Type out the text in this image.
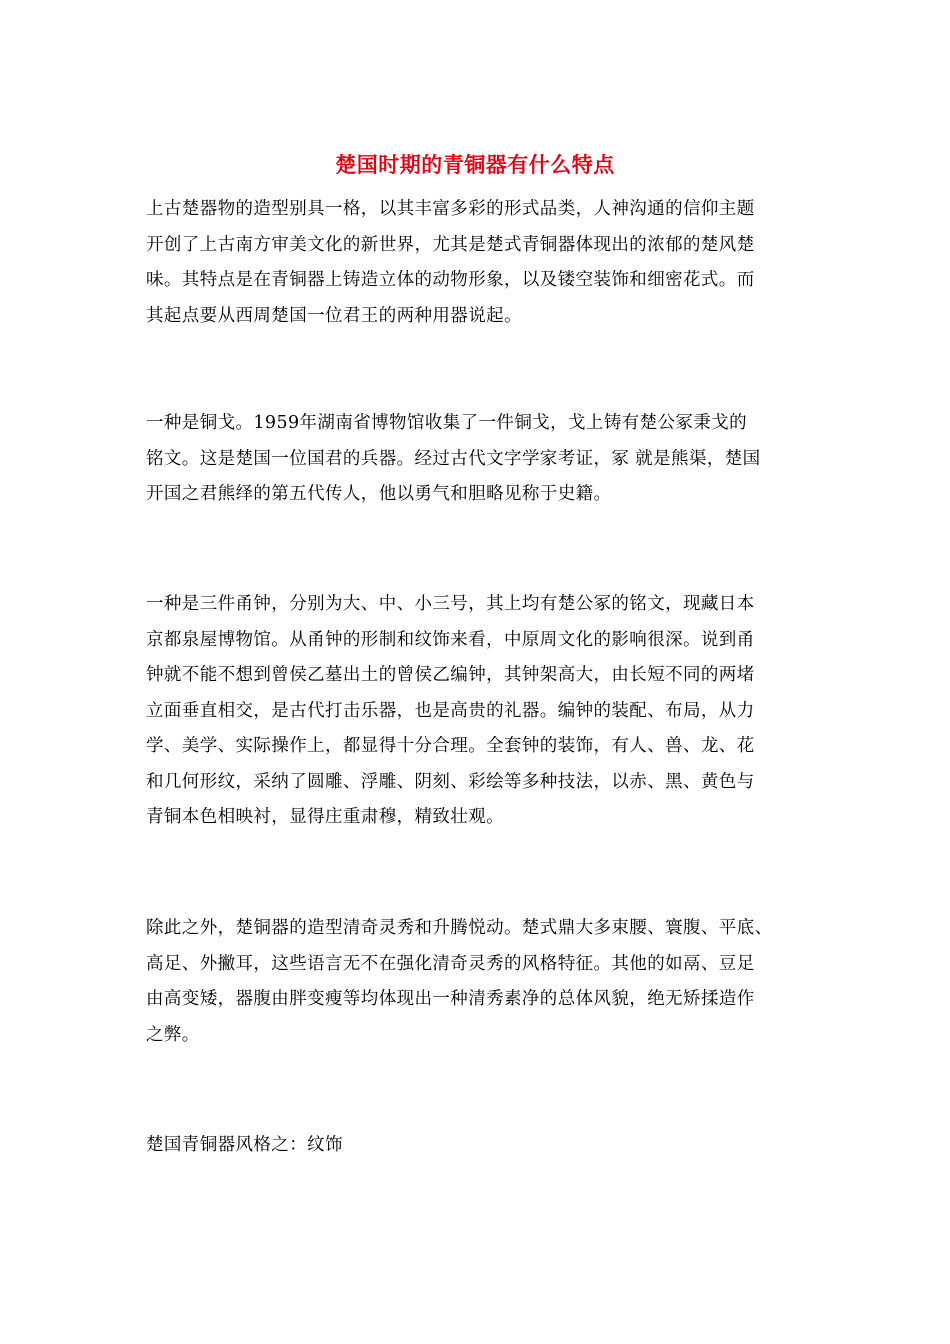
楚国时期的青铜器有什么特点

上古楚器物的造型别具一格，以其丰富多彩的形式品类，人神沟通的信仰主题
开创了上古南方审美文化的新世界，尤其是楚式青铜器体现出的浓郁的楚风楚
味。其特点是在青铜器上铸造立体的动物形象，以及镂空装饰和细密花式。而
其起点要从西周楚国一位君王的两种用器说起。

一种是铜戈。1959年湖南省博物馆收集了一件铜戈，戈上铸有楚公冢秉戈的
铭文。这是楚国一位国君的兵器。经过古代文字学家考证，冢 就是熊渠，楚国
开国之君熊绎的第五代传人，他以勇气和胆略见称于史籍。

一种是三件甬钟，分别为大、中、小三号，其上均有楚公冢的铭文，现藏日本
京都泉屋博物馆。从甬钟的形制和纹饰来看，中原周文化的影响很深。说到甬
钟就不能不想到曾侯乙墓出土的曾侯乙编钟，其钟架高大，由长短不同的两堵
立面垂直相交，是古代打击乐器，也是高贵的礼器。编钟的装配、布局，从力
学、美学、实际操作上，都显得十分合理。全套钟的装饰，有人、兽、龙、花
和几何形纹，采纳了圆雕、浮雕、阴刻、彩绘等多种技法，以赤、黑、黄色与
青铜本色相映衬，显得庄重肃穆，精致壮观。

除此之外，楚铜器的造型清奇灵秀和升腾悦动。楚式鼎大多束腰、寰腹、平底、
高足、外撇耳，这些语言无不在强化清奇灵秀的风格特征。其他的如鬲、豆足
由高变矮，器腹由胖变瘦等均体现出一种清秀素净的总体风貌，绝无矫揉造作
之弊。

楚国青铜器风格之：纹饰
